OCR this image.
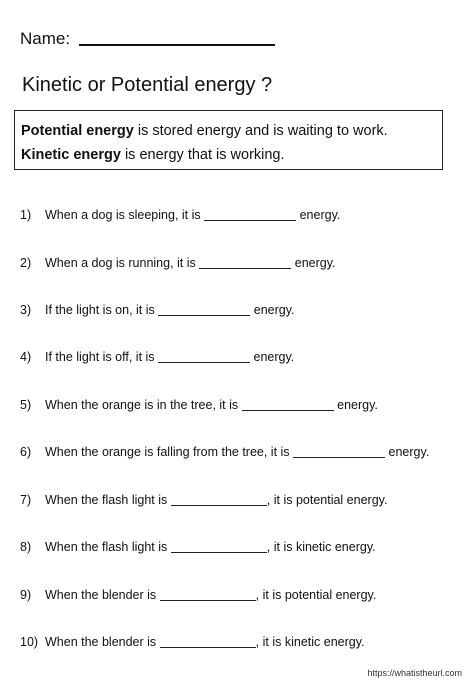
Name:
Kinetic or Potential energy ?
Potential energy is stored energy and is waiting to work.
Kinetic energy is energy that is working.
1) When a dog is sleeping, it is	energy.
2) When a dog is running, it is	energy.
3) If the light is on, it is	energy.
4) If the light is off, it is	energy.
5) When the orange is in the tree, it is	energy.
6) When the orange is falling from the tree, it is	energy.
7) When the flash light is	, it is potential energy.
8) When the flash light is	, it is kinetic energy.
9) When the blender is	, it is potential energy.
10) When the blender is	, it is kinetic energy.
https://whatistheurl.com
